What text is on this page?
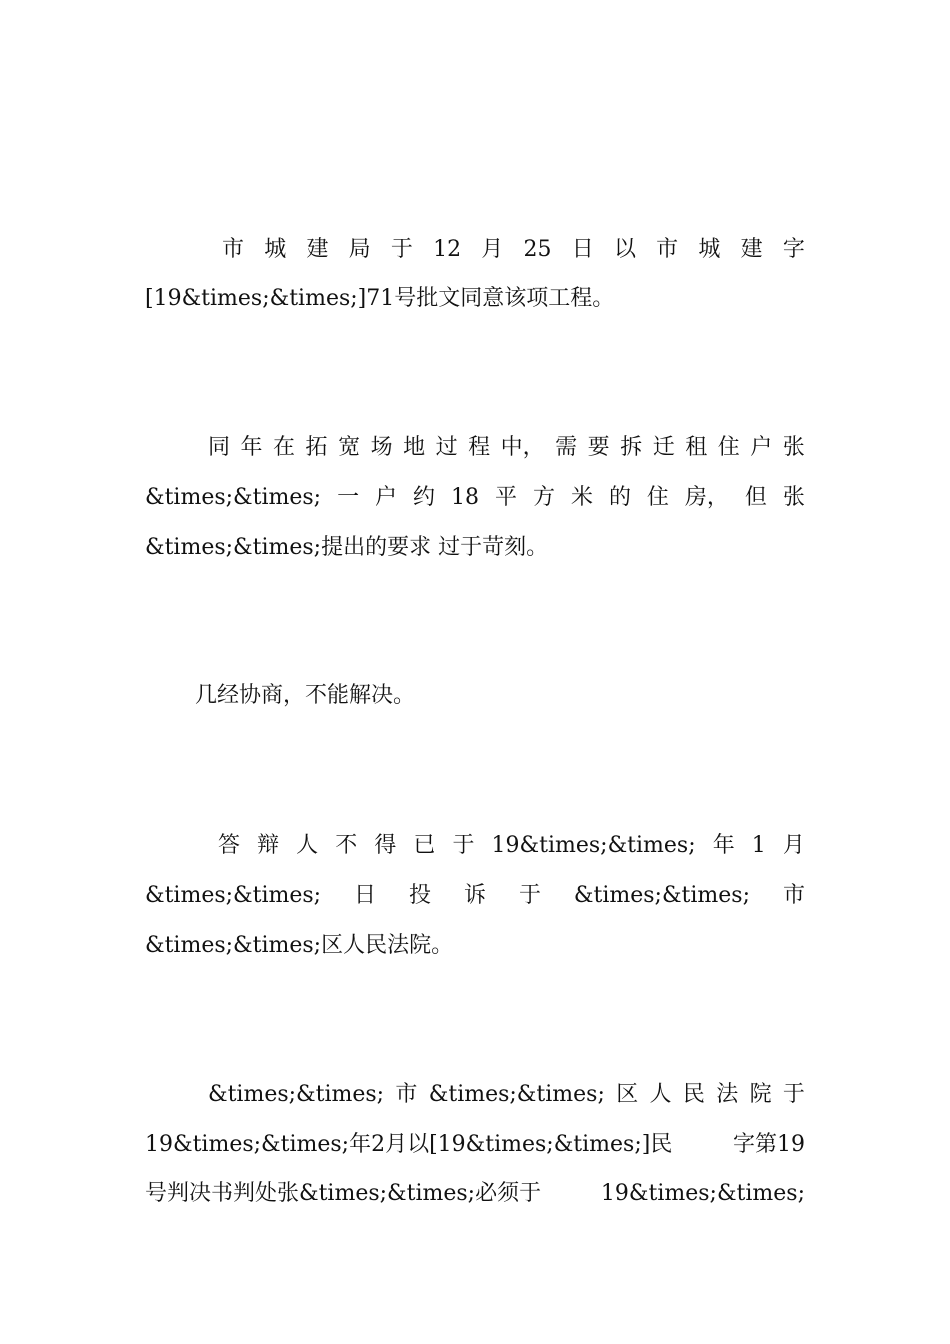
市 城 建 局 于 12 月 25 日 以 市 城 建 字
[19&times;&times;]71号批文同意该项工程。
同 年 在 拓 宽 场 地 过 程 中， 需 要 拆 迁 租 住 户 张
&times;&times; 一 户 约 18 平 方 米 的 住 房， 但 张
&times;&times;提出的要求 过于苛刻。
几经协商，不能解决。
答 辩 人 不 得 已 于 19&times;&times; 年 1 月
&times;&times; 日 投 诉 于 &times;&times; 市
&times;&times;区人民法院。
&times;&times; 市 &times;&times; 区 人 民 法 院 于
19&times;&times;年2月以[19&times;&times;]民	字第19
号判决书判处张&times;&times;必须于	19&times;&times;
